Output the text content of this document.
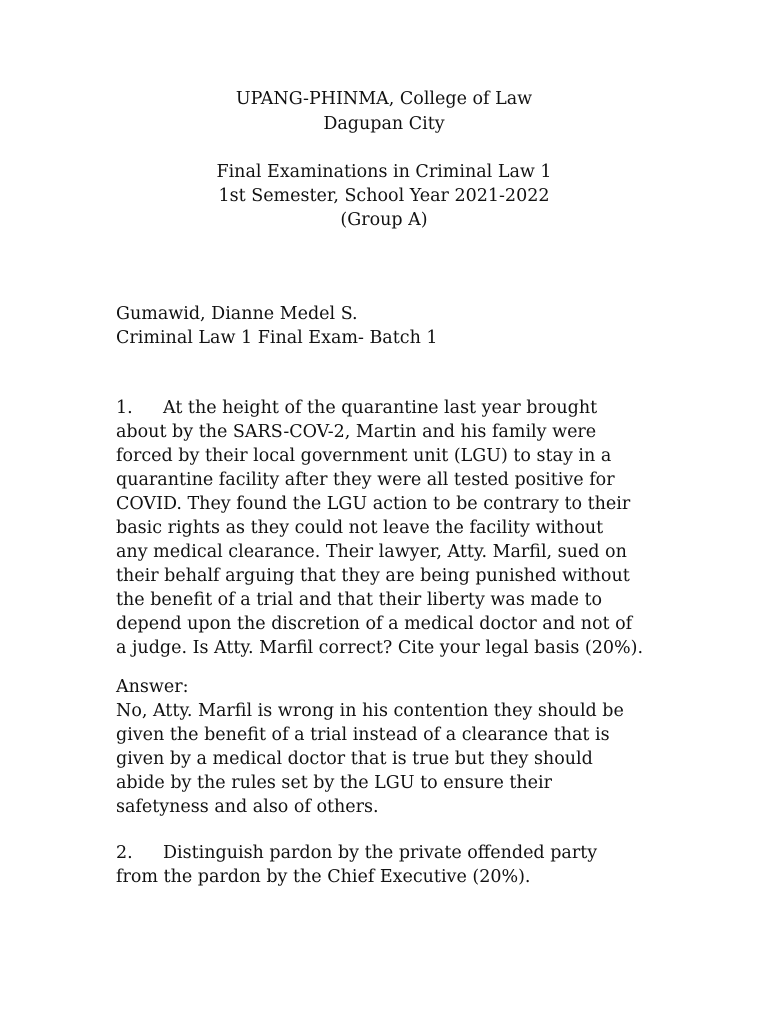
UPANG-PHINMA, College of Law
Dagupan City
Final Examinations in Criminal Law 1
1st Semester, School Year 2021-2022
(Group A)
Gumawid, Dianne Medel S.
Criminal Law 1 Final Exam- Batch 1
1. At the height of the quarantine last year brought
about by the SARS-COV-2, Martin and his family were
forced by their local government unit (LGU) to stay in a
quarantine facility after they were all tested positive for
COVID. They found the LGU action to be contrary to their
basic rights as they could not leave the facility without
any medical clearance. Their lawyer, Atty. Marfil, sued on
their behalf arguing that they are being punished without
the benefit of a trial and that their liberty was made to
depend upon the discretion of a medical doctor and not of
a judge. Is Atty. Marfil correct? Cite your legal basis (20%).
Answer:
No, Atty. Marfil is wrong in his contention they should be
given the benefit of a trial instead of a clearance that is
given by a medical doctor that is true but they should
abide by the rules set by the LGU to ensure their
safetyness and also of others.
2. Distinguish pardon by the private offended party
from the pardon by the Chief Executive (20%).
